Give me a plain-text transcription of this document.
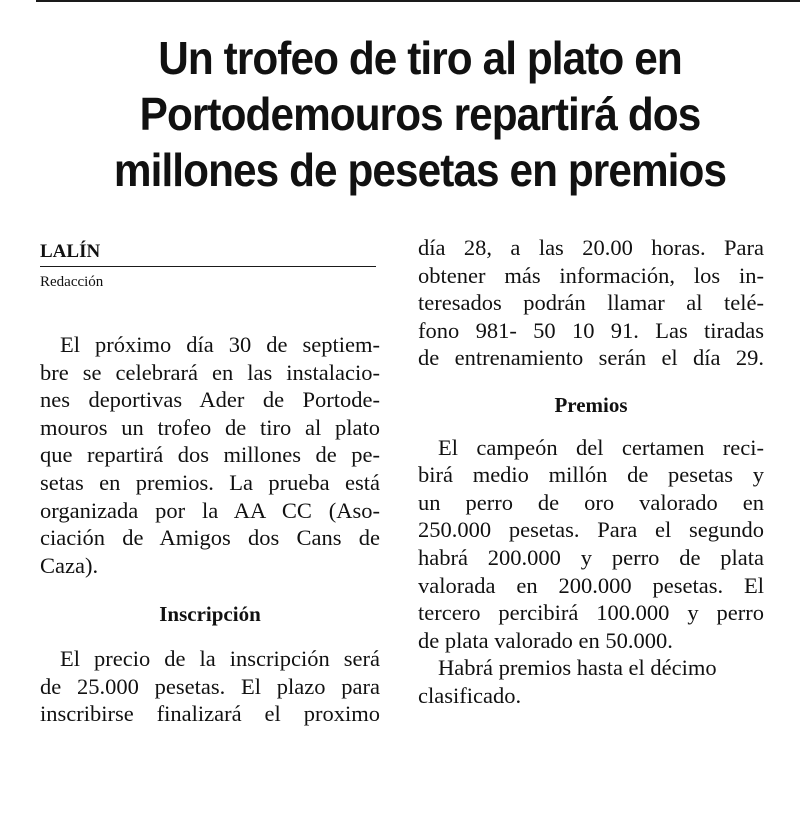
Un trofeo de tiro al plato en
Portodemouros repartirá dos
millones de pesetas en premios
LALÍN
Redacción

El próximo día 30 de septiem-
bre se celebrará en las instalacio-
nes deportivas Ader de Portode-
mouros un trofeo de tiro al plato
que repartirá dos millones de pe-
setas en premios. La prueba está
organizada por la AA CC (Aso-
ciación de Amigos dos Cans de
Caza).

Inscripción

El precio de la inscripción será
de 25.000 pesetas. El plazo para
inscribirse finalizará el proximo

día 28, a las 20.00 horas. Para
obtener más información, los in-
teresados podrán llamar al telé-
fono 981- 50 10 91. Las tiradas
de entrenamiento serán el día 29.

Premios

El campeón del certamen reci-
birá medio millón de pesetas y
un perro de oro valorado en
250.000 pesetas. Para el segundo
habrá 200.000 y perro de plata
valorada en 200.000 pesetas. El
tercero percibirá 100.000 y perro
de plata valorado en 50.000.

Habrá premios hasta el décimo
clasificado.
